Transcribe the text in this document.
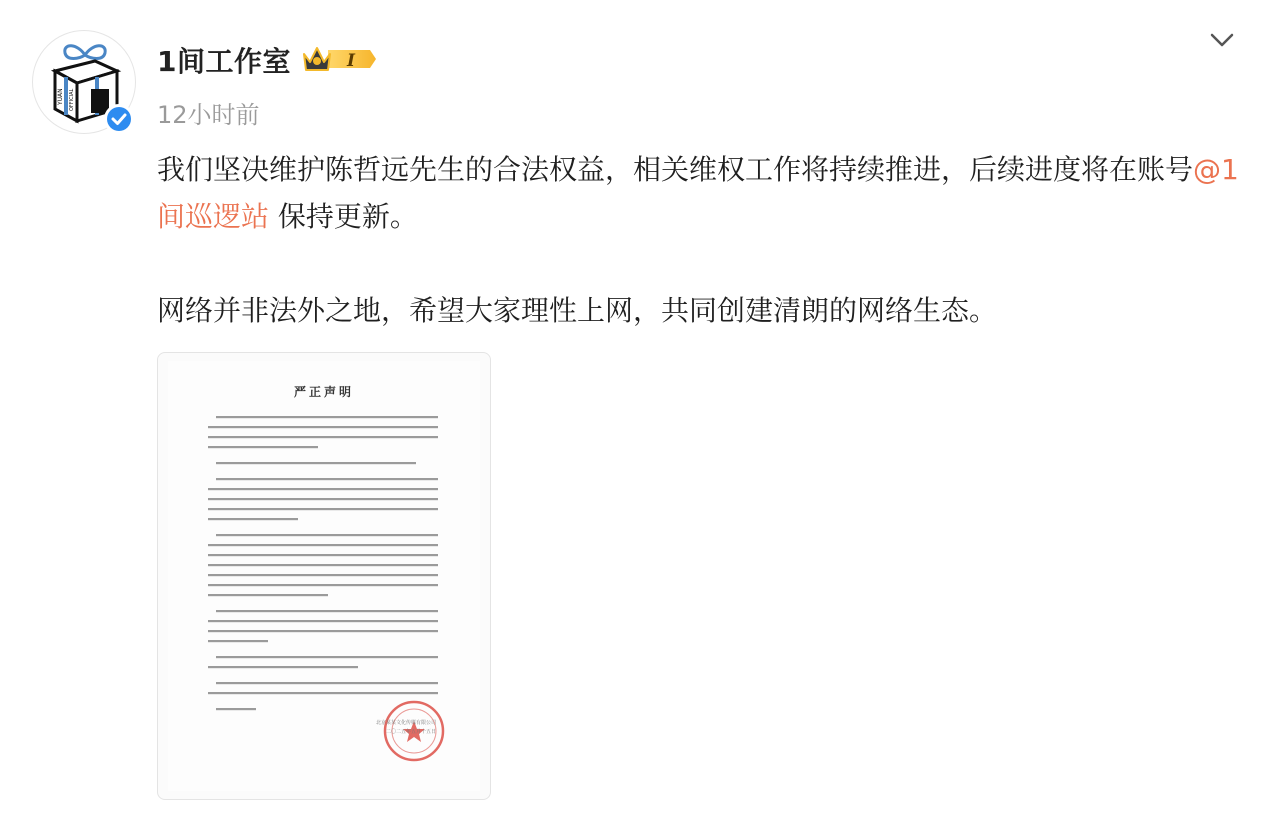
YUAN OFFICIAL
1间工作室	I
12小时前

我们坚决维护陈哲远先生的合法权益，相关维权工作将持续推进，后续进度将在账号@1间巡逻站 保持更新。

网络并非法外之地，希望大家理性上网，共同创建清朗的网络生态。

严正声明
北京某某文化传媒有限公司
二〇二五年五月十五日
